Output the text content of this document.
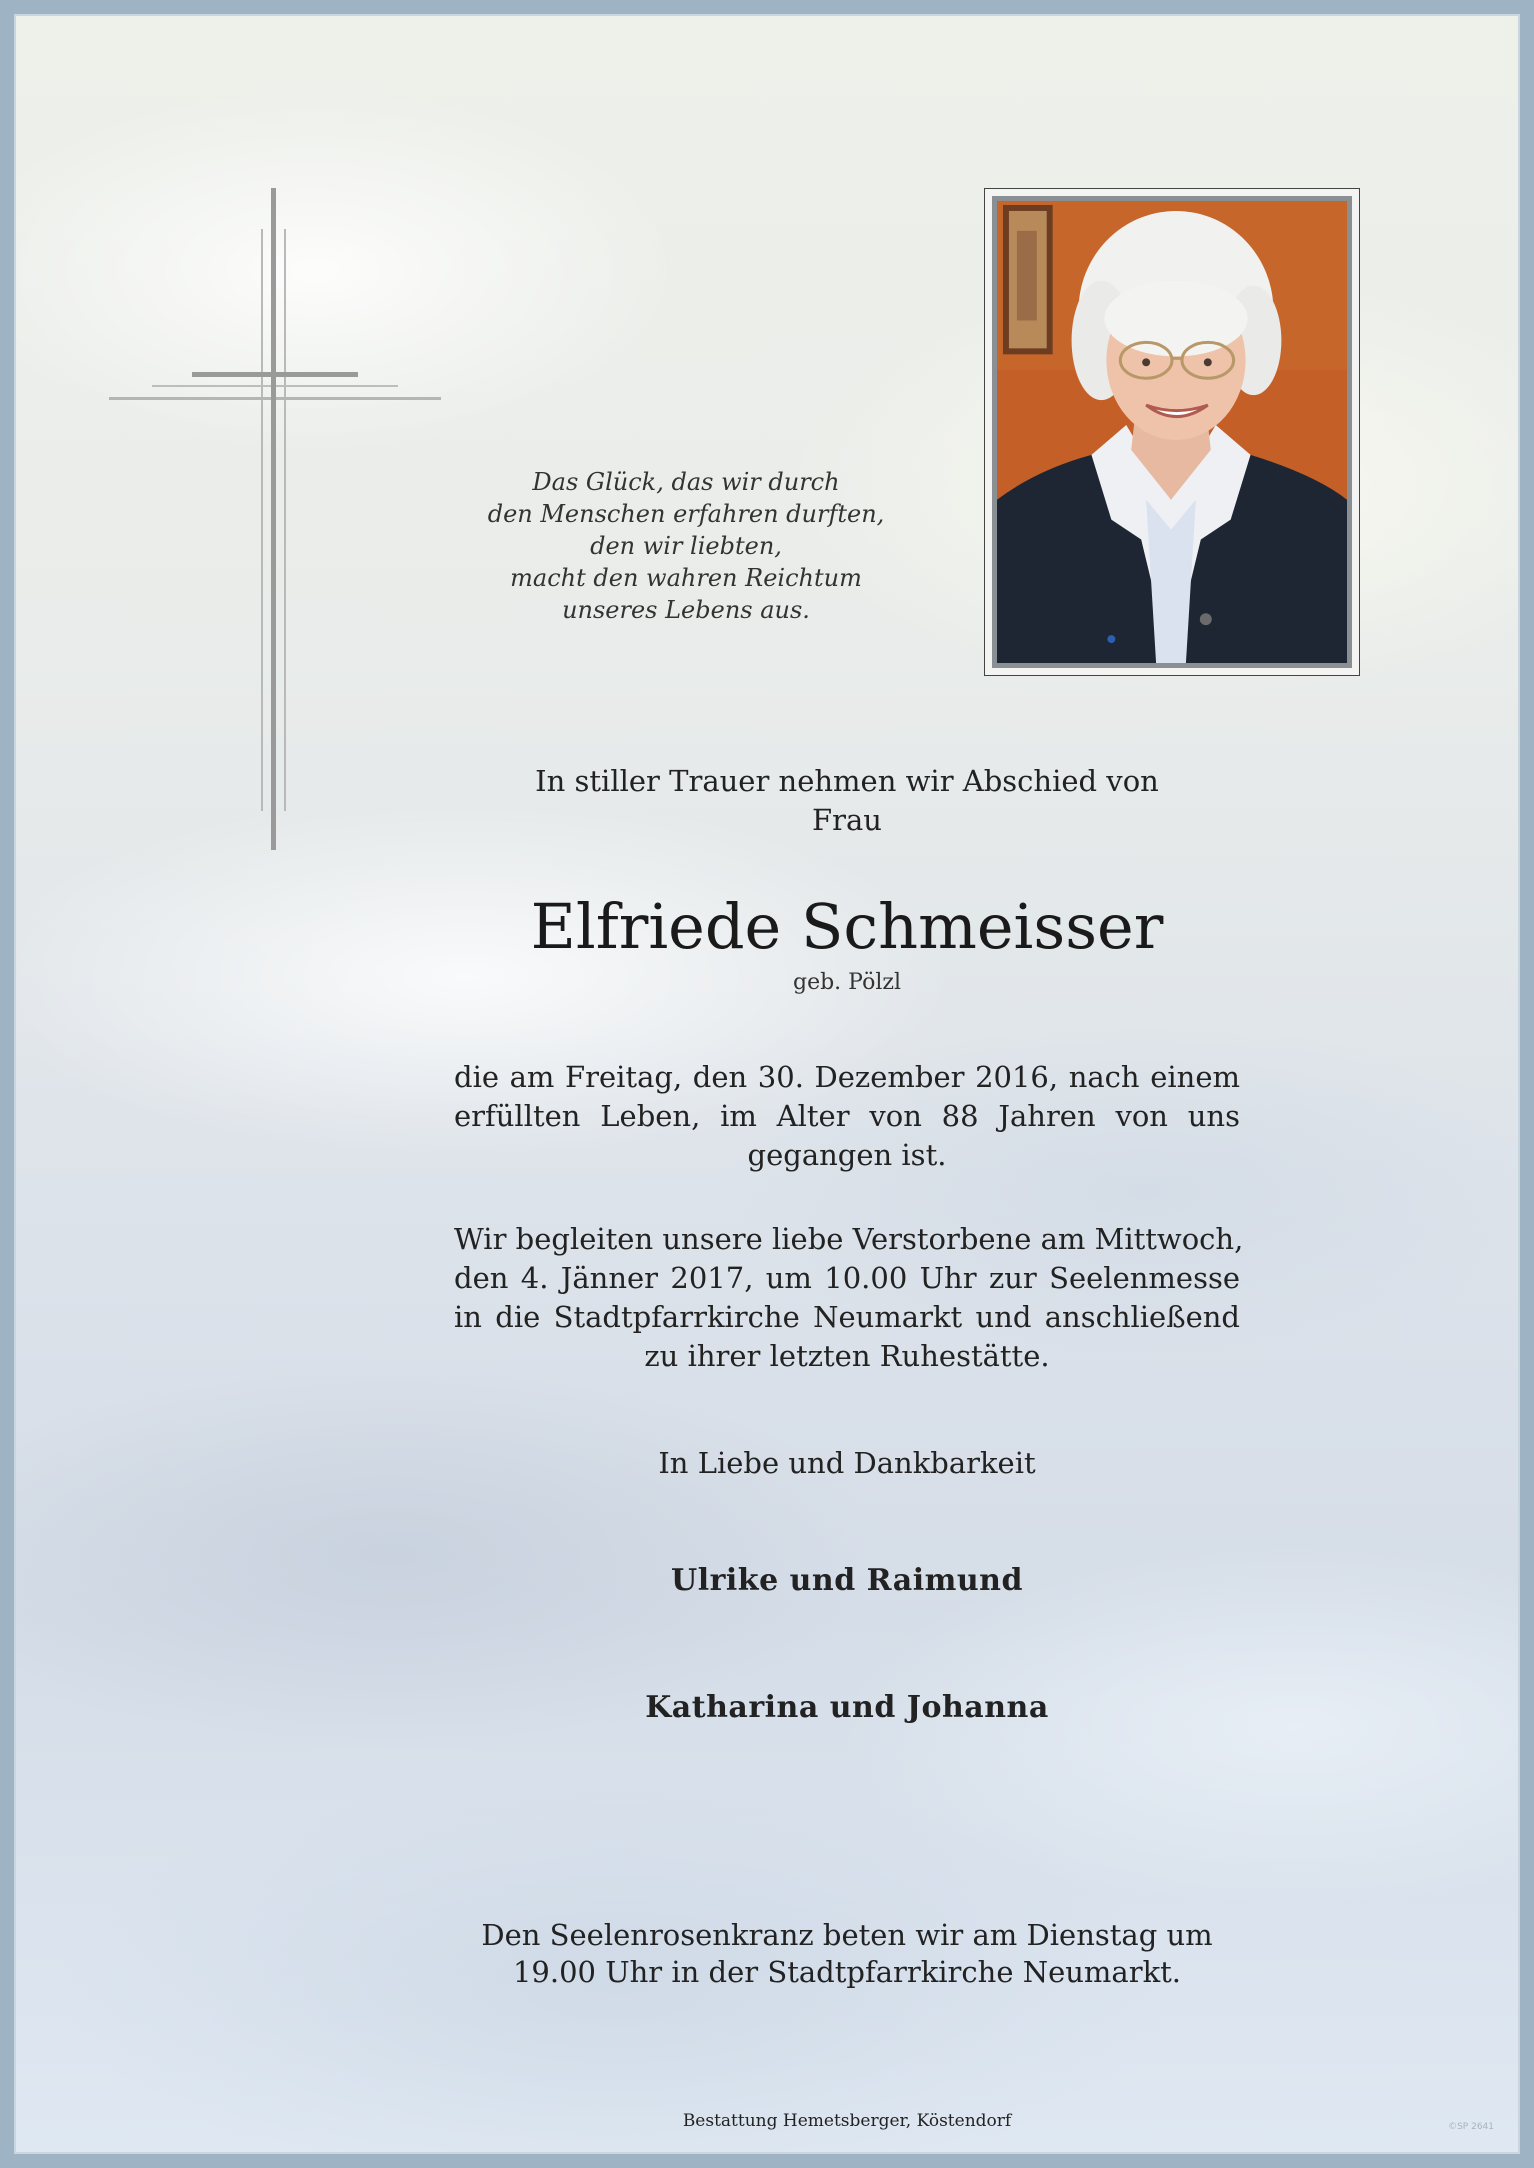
Das Glück, das wir durch
den Menschen erfahren durften,
den wir liebten,
macht den wahren Reichtum
unseres Lebens aus.
In stiller Trauer nehmen wir Abschied von
Frau
Elfriede Schmeisser
geb. Pölzl
die am Freitag, den 30. Dezember 2016, nach einem
erfüllten Leben, im Alter von 88 Jahren von uns
gegangen ist.
Wir begleiten unsere liebe Verstorbene am Mittwoch,
den 4. Jänner 2017, um 10.00 Uhr zur Seelenmesse
in die Stadtpfarrkirche Neumarkt und anschließend
zu ihrer letzten Ruhestätte.
In Liebe und Dankbarkeit
Ulrike und Raimund
Katharina und Johanna
Den Seelenrosenkranz beten wir am Dienstag um
19.00 Uhr in der Stadtpfarrkirche Neumarkt.
Bestattung Hemetsberger, Köstendorf	©SP 2641
